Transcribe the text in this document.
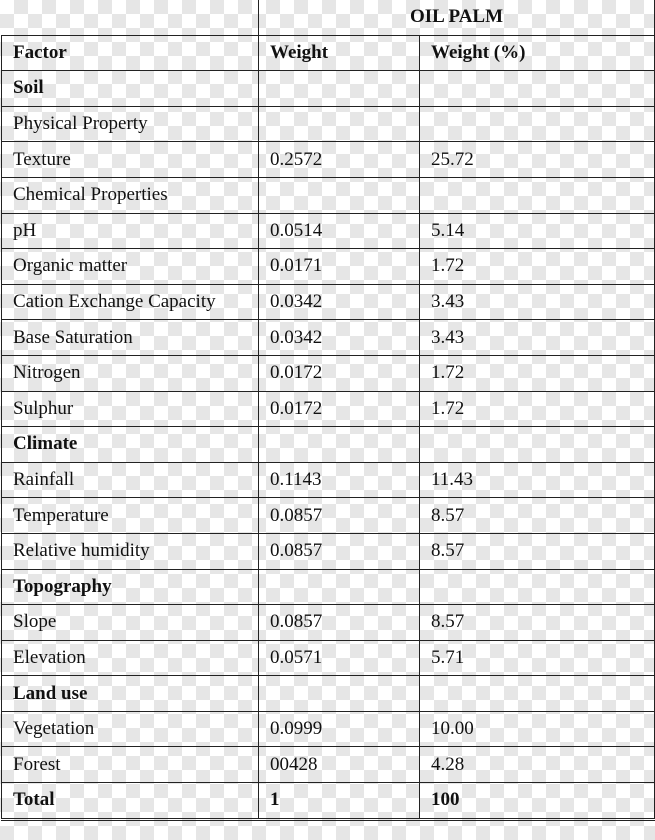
	OIL PALM	
Factor	Weight	Weight (%)
Soil		
Physical Property		
Texture	0.2572	25.72
Chemical Properties		
pH	0.0514	5.14
Organic matter	0.0171	1.72
Cation Exchange Capacity	0.0342	3.43
Base Saturation	0.0342	3.43
Nitrogen	0.0172	1.72
Sulphur	0.0172	1.72
Climate		
Rainfall	0.1143	11.43
Temperature	0.0857	8.57
Relative humidity	0.0857	8.57
Topography		
Slope	0.0857	8.57
Elevation	0.0571	5.71
Land use		
Vegetation	0.0999	10.00
Forest	00428	4.28
Total	1	100
